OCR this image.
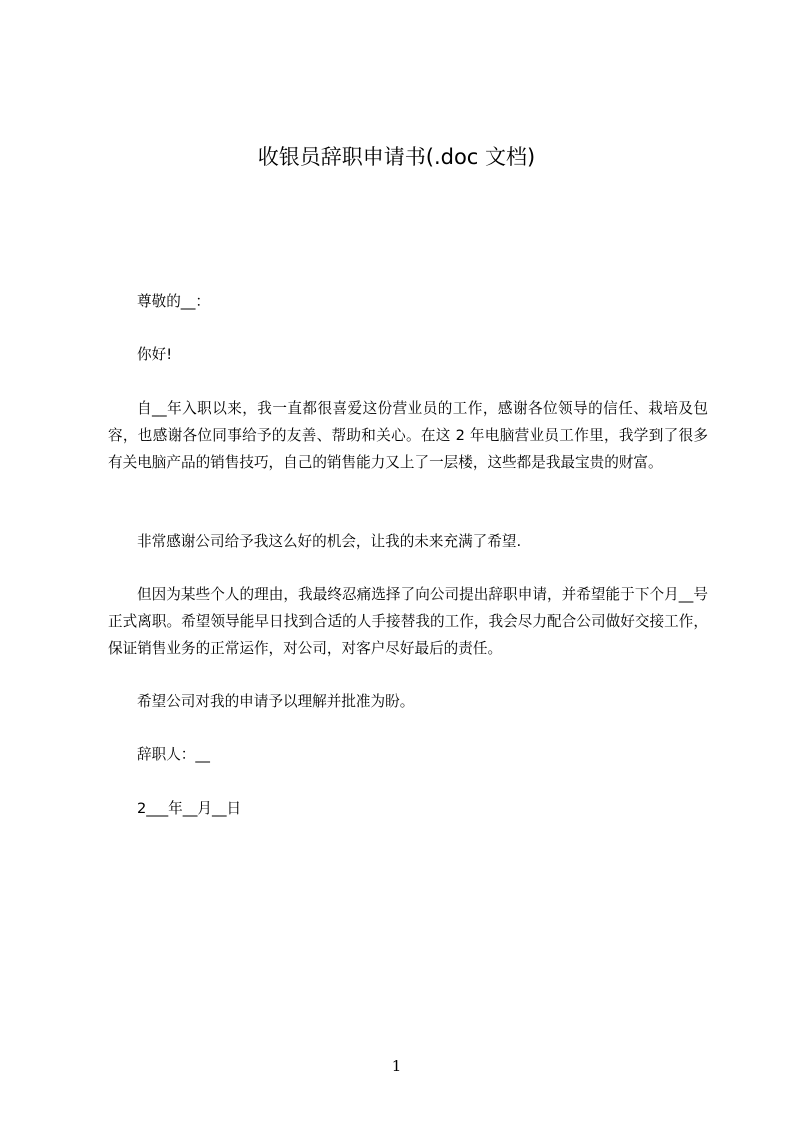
收银员辞职申请书(.doc 文档)

尊敬的__：

你好!

自__年入职以来，我一直都很喜爱这份营业员的工作，感谢各位领导的信任、栽培及包容，也感谢各位同事给予的友善、帮助和关心。在这 2 年电脑营业员工作里，我学到了很多有关电脑产品的销售技巧，自己的销售能力又上了一层楼，这些都是我最宝贵的财富。

非常感谢公司给予我这么好的机会，让我的未来充满了希望.

但因为某些个人的理由，我最终忍痛选择了向公司提出辞职申请，并希望能于下个月__号正式离职。希望领导能早日找到合适的人手接替我的工作，我会尽力配合公司做好交接工作，保证销售业务的正常运作，对公司，对客户尽好最后的责任。

希望公司对我的申请予以理解并批准为盼。

辞职人：__

2___年__月__日

1
